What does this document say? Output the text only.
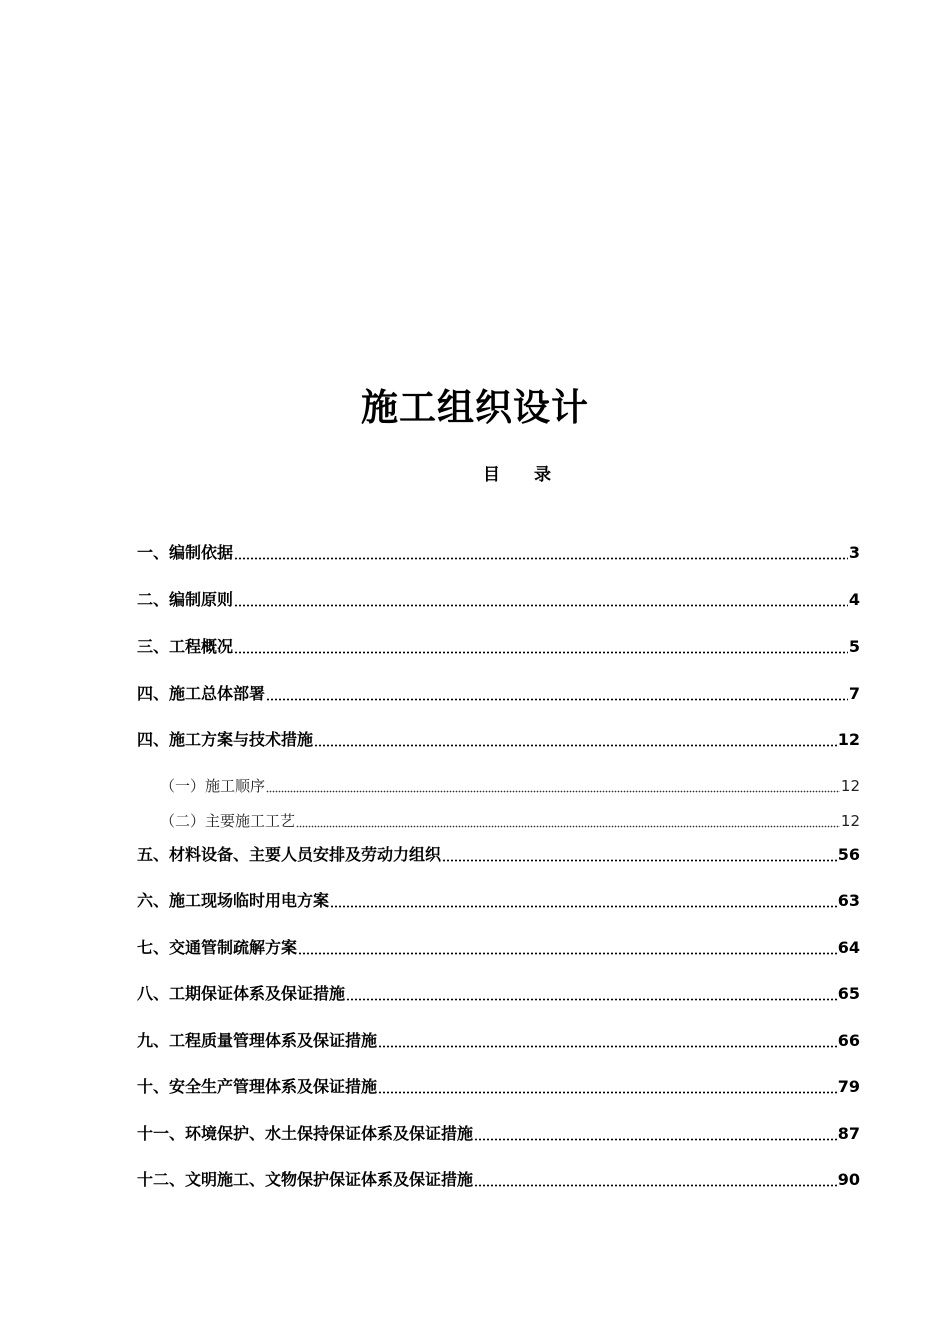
施工组织设计
目 录
一、编制依据	3
二、编制原则	4
三、工程概况	5
四、施工总体部署	7
四、施工方案与技术措施	12
（一）施工顺序	12
（二）主要施工工艺	12
五、材料设备、主要人员安排及劳动力组织	56
六、施工现场临时用电方案	63
七、交通管制疏解方案	64
八、工期保证体系及保证措施	65
九、工程质量管理体系及保证措施	66
十、安全生产管理体系及保证措施	79
十一、环境保护、水土保持保证体系及保证措施	87
十二、文明施工、文物保护保证体系及保证措施	90
